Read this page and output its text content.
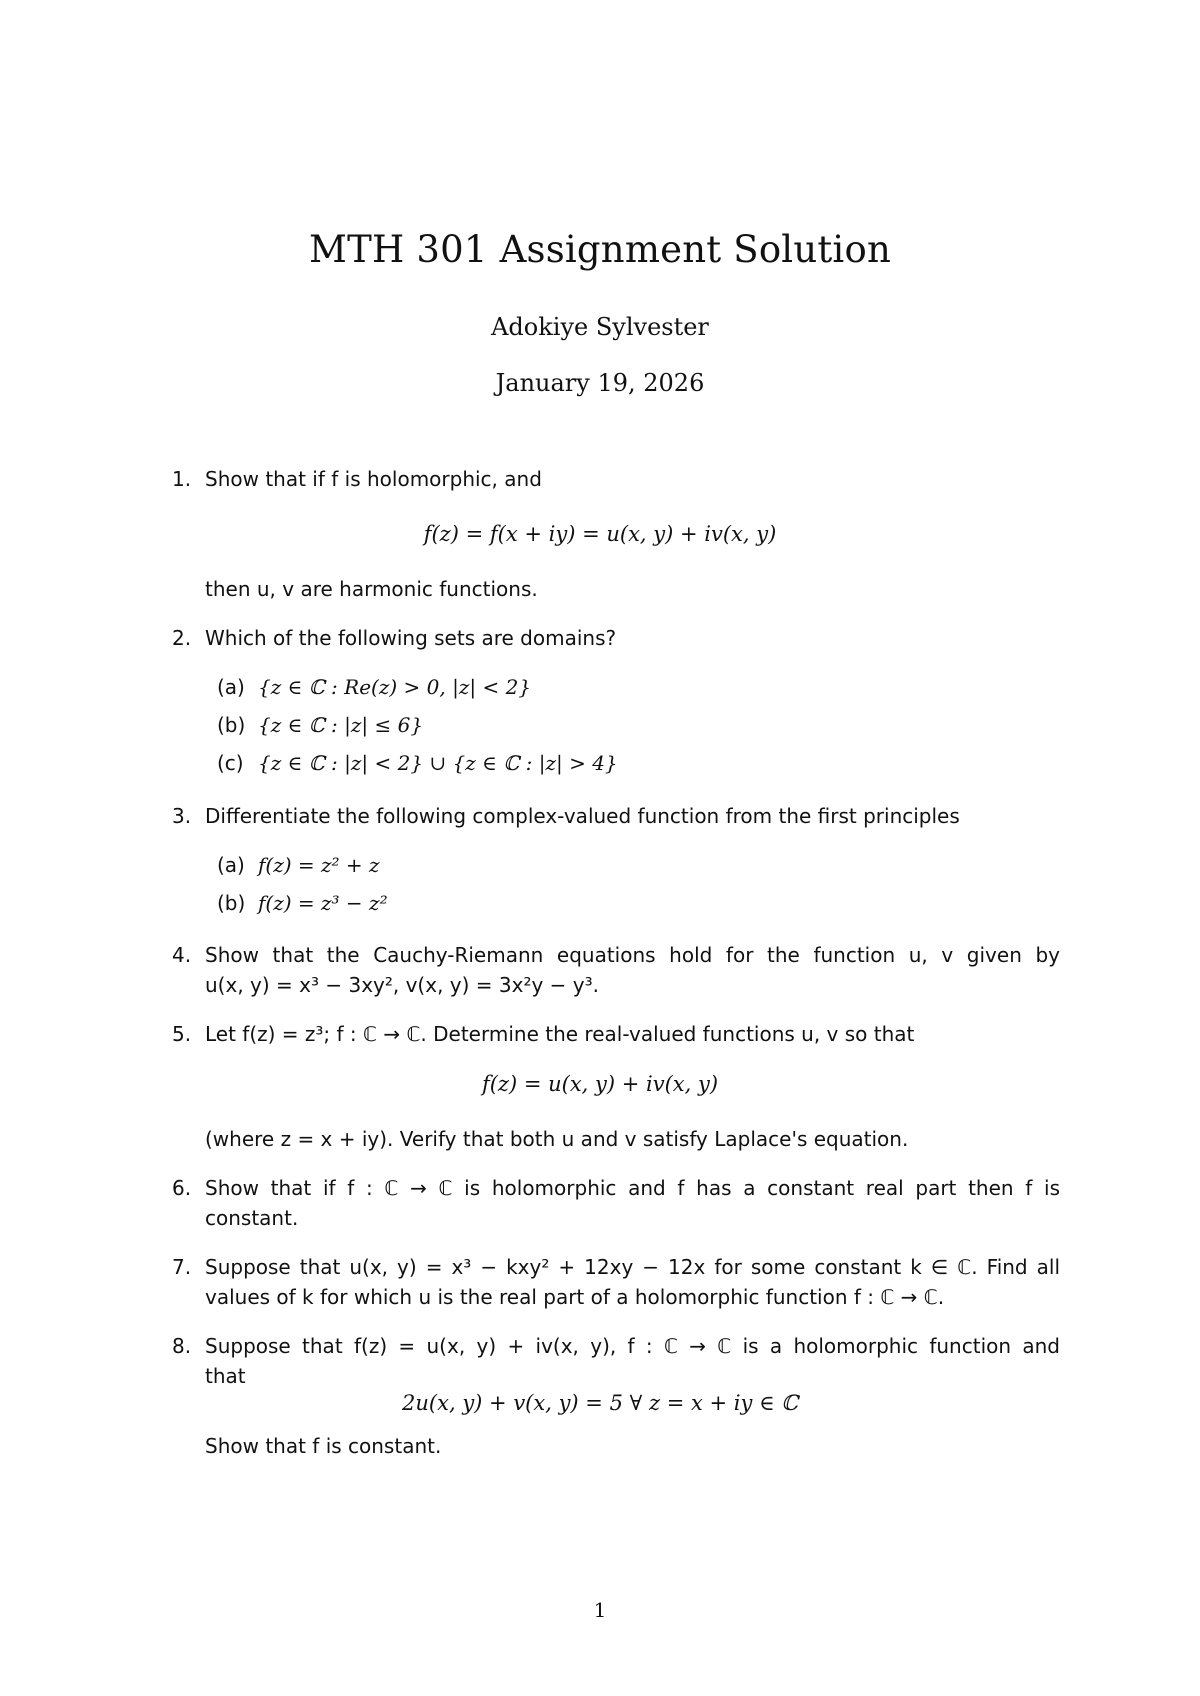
MTH 301 Assignment Solution
Adokiye Sylvester
January 19, 2026
1. Show that if f is holomorphic, and
f(z) = f(x + iy) = u(x, y) + iv(x, y)
then u, v are harmonic functions.
2. Which of the following sets are domains?
(a) {z ∈ ℂ : Re(z) > 0, |z| < 2}
(b) {z ∈ ℂ : |z| ≤ 6}
(c) {z ∈ ℂ : |z| < 2} ∪ {z ∈ ℂ : |z| > 4}
3. Differentiate the following complex-valued function from the first principles
(a) f(z) = z² + z
(b) f(z) = z³ − z²
4. Show that the Cauchy-Riemann equations hold for the function u, v given by
u(x, y) = x³ − 3xy², v(x, y) = 3x²y − y³.
5. Let f(z) = z³; f : ℂ → ℂ. Determine the real-valued functions u, v so that
f(z) = u(x, y) + iv(x, y)
(where z = x + iy). Verify that both u and v satisfy Laplace's equation.
6. Show that if f : ℂ → ℂ is holomorphic and f has a constant real part then f is
constant.
7. Suppose that u(x, y) = x³ − kxy² + 12xy − 12x for some constant k ∈ ℂ. Find all
values of k for which u is the real part of a holomorphic function f : ℂ → ℂ.
8. Suppose that f(z) = u(x, y) + iv(x, y), f : ℂ → ℂ is a holomorphic function and
that
2u(x, y) + v(x, y) = 5 ∀ z = x + iy ∈ ℂ
Show that f is constant.
1
